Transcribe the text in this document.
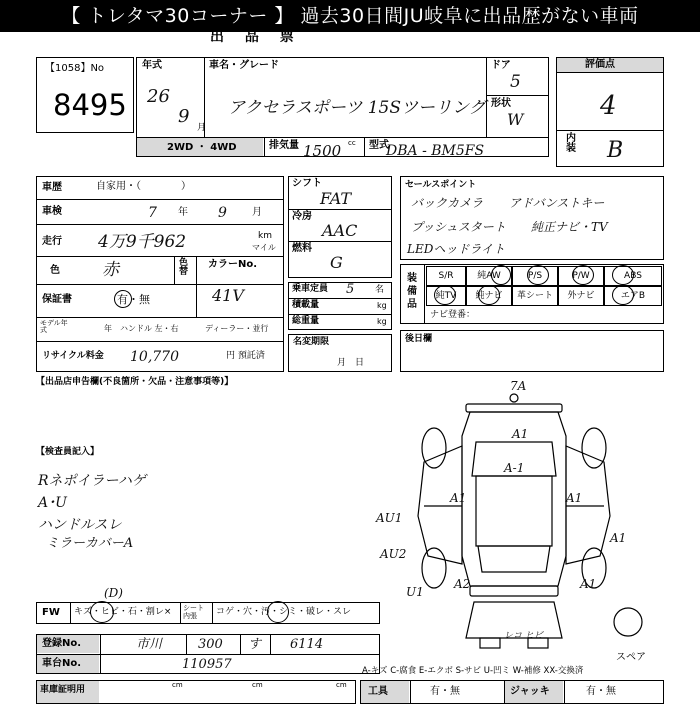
【 トレタマ30コーナー 】 過去30日間JU岐阜に出品歴がない車両
出 品 票
【1058】No
8495
年式
26
9
月
車名・グレード
アクセラスポーツ 15Sツーリング
ドア
5
形状
W
2WD ・ 4WD	排気量 1500 cc 型式
DBA - BM5FS
評価点
4
内装 B
車歴	自家用・（　　　　）
車検	7 年 9	月
走行 4万9千962	km
マイル
色 赤	色替
カラーNo.
41V
保証書	有・無
モデル年式	年 ハンドル 左・右	ディーラー・並行
リサイクル料金 10,770	円 預託済
シフト
FAT
冷房
AAC
燃料
G
乗車定員 5 名
積載量	kg
総重量	kg
名変期限
月　日
セールスポイント
バックカメラ アドバンストキー
プッシュスタート 純正ナビ・TV
LEDヘッドライト
装備品
S/R	純AW	P/S	P/W	ABS
純TV	純ナビ	革シート	外ナビ	エアB
ナビ登番：
後日欄
【出品店申告欄(不良箇所・欠品・注意事項等)】
【検査員記入】
Rネポイラーハゲ
A･U
ハンドルスレ
ミラーカバーA
FW キズ・ヒビ・石・割レ× シート内張	コゲ・穴・汚・シミ・破レ・スレ
(D)
登録No.	市川	300 す 6114
車台No.	110957
車庫証明用	cm	cm	cm
工具	有・無	ジャッキ	有・無
A-キズ C-腐食 E-エクボ S-サビ U-凹ミ W-補修 XX-交換済
7A
A1
A-1
A1	A1
AU1
A1
AU2
U1
A2	A1
レコ ヒビ
スペア
